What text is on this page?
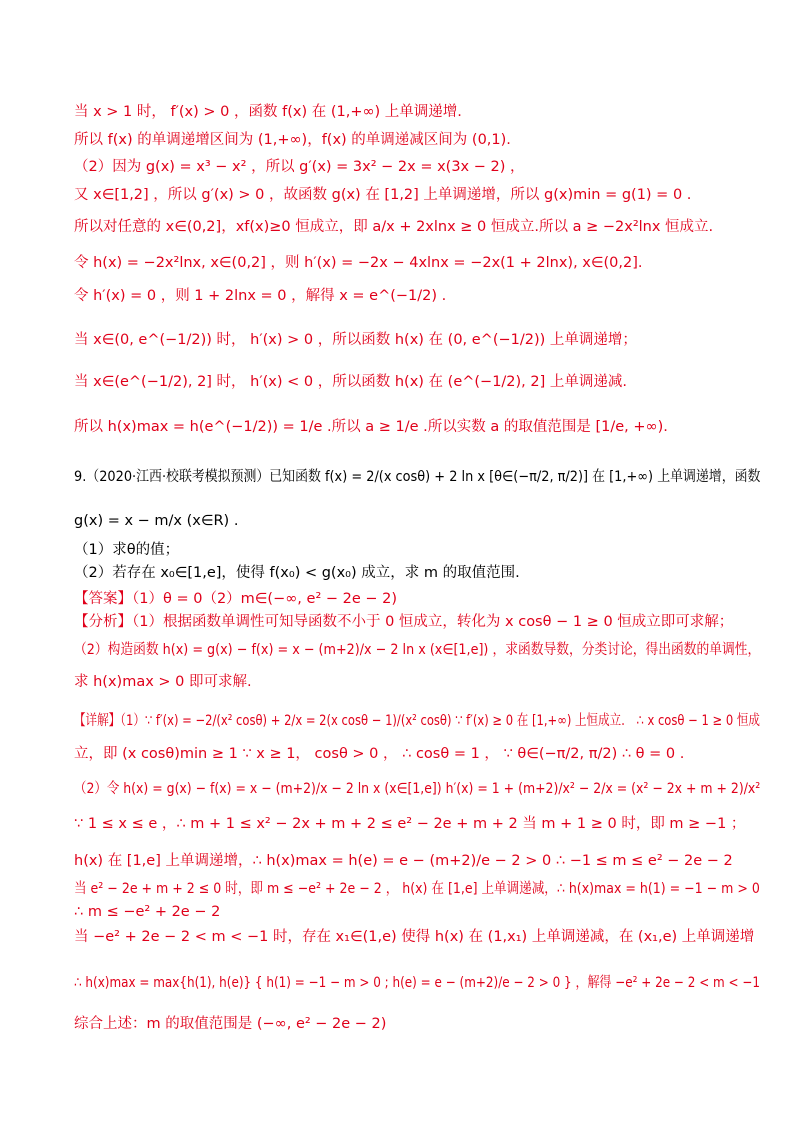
当 x > 1 时， f′(x) > 0 ，函数 f(x) 在 (1,+∞) 上单调递增.
所以 f(x) 的单调递增区间为 (1,+∞)，f(x) 的单调递减区间为 (0,1).
（2）因为 g(x) = x³ − x² ，所以 g′(x) = 3x² − 2x = x(3x − 2) ，
又 x∈[1,2] ，所以 g′(x) > 0 ，故函数 g(x) 在 [1,2] 上单调递增，所以 g(x)min = g(1) = 0 .
所以对任意的 x∈(0,2]，xf(x)≥0 恒成立，即 a/x + 2xlnx ≥ 0 恒成立.所以 a ≥ −2x²lnx 恒成立.
令 h(x) = −2x²lnx, x∈(0,2] ，则 h′(x) = −2x − 4xlnx = −2x(1 + 2lnx), x∈(0,2].
令 h′(x) = 0 ，则 1 + 2lnx = 0 ，解得 x = e^(−1/2) .
当 x∈(0, e^(−1/2)) 时， h′(x) > 0 ，所以函数 h(x) 在 (0, e^(−1/2)) 上单调递增；
当 x∈(e^(−1/2), 2] 时， h′(x) < 0 ，所以函数 h(x) 在 (e^(−1/2), 2] 上单调递减.
所以 h(x)max = h(e^(−1/2)) = 1/e .所以 a ≥ 1/e .所以实数 a 的取值范围是 [1/e, +∞).
9.（2020·江西·校联考模拟预测）已知函数 f(x) = 2/(x cosθ) + 2 ln x [θ∈(−π/2, π/2)] 在 [1,+∞) 上单调递增，函数
g(x) = x − m/x (x∈R) .
（1）求θ的值；
（2）若存在 x₀∈[1,e]，使得 f(x₀) < g(x₀) 成立，求 m 的取值范围.
【答案】（1）θ = 0（2）m∈(−∞, e² − 2e − 2)
【分析】（1）根据函数单调性可知导函数不小于 0 恒成立，转化为 x cosθ − 1 ≥ 0 恒成立即可求解；
（2）构造函数 h(x) = g(x) − f(x) = x − (m+2)/x − 2 ln x (x∈[1,e]) ，求函数导数，分类讨论，得出函数的单调性，
求 h(x)max > 0 即可求解.
【详解】（1）∵ f′(x) = −2/(x² cosθ) + 2/x = 2(x cosθ − 1)/(x² cosθ) ∵ f′(x) ≥ 0 在 [1,+∞) 上恒成立． ∴ x cosθ − 1 ≥ 0 恒成
立，即 (x cosθ)min ≥ 1 ∵ x ≥ 1， cosθ > 0 ， ∴ cosθ = 1 ， ∵ θ∈(−π/2, π/2) ∴ θ = 0 .
（2）令 h(x) = g(x) − f(x) = x − (m+2)/x − 2 ln x (x∈[1,e]) h′(x) = 1 + (m+2)/x² − 2/x = (x² − 2x + m + 2)/x²
∵ 1 ≤ x ≤ e ，∴ m + 1 ≤ x² − 2x + m + 2 ≤ e² − 2e + m + 2 当 m + 1 ≥ 0 时，即 m ≥ −1 ；
h(x) 在 [1,e] 上单调递增，∴ h(x)max = h(e) = e − (m+2)/e − 2 > 0 ∴ −1 ≤ m ≤ e² − 2e − 2
当 e² − 2e + m + 2 ≤ 0 时，即 m ≤ −e² + 2e − 2 ， h(x) 在 [1,e] 上单调递减，∴ h(x)max = h(1) = −1 − m > 0
∴ m ≤ −e² + 2e − 2
当 −e² + 2e − 2 < m < −1 时，存在 x₁∈(1,e) 使得 h(x) 在 (1,x₁) 上单调递减，在 (x₁,e) 上单调递增
∴ h(x)max = max{h(1), h(e)} { h(1) = −1 − m > 0 ; h(e) = e − (m+2)/e − 2 > 0 } ，解得 −e² + 2e − 2 < m < −1
综合上述：m 的取值范围是 (−∞, e² − 2e − 2)
